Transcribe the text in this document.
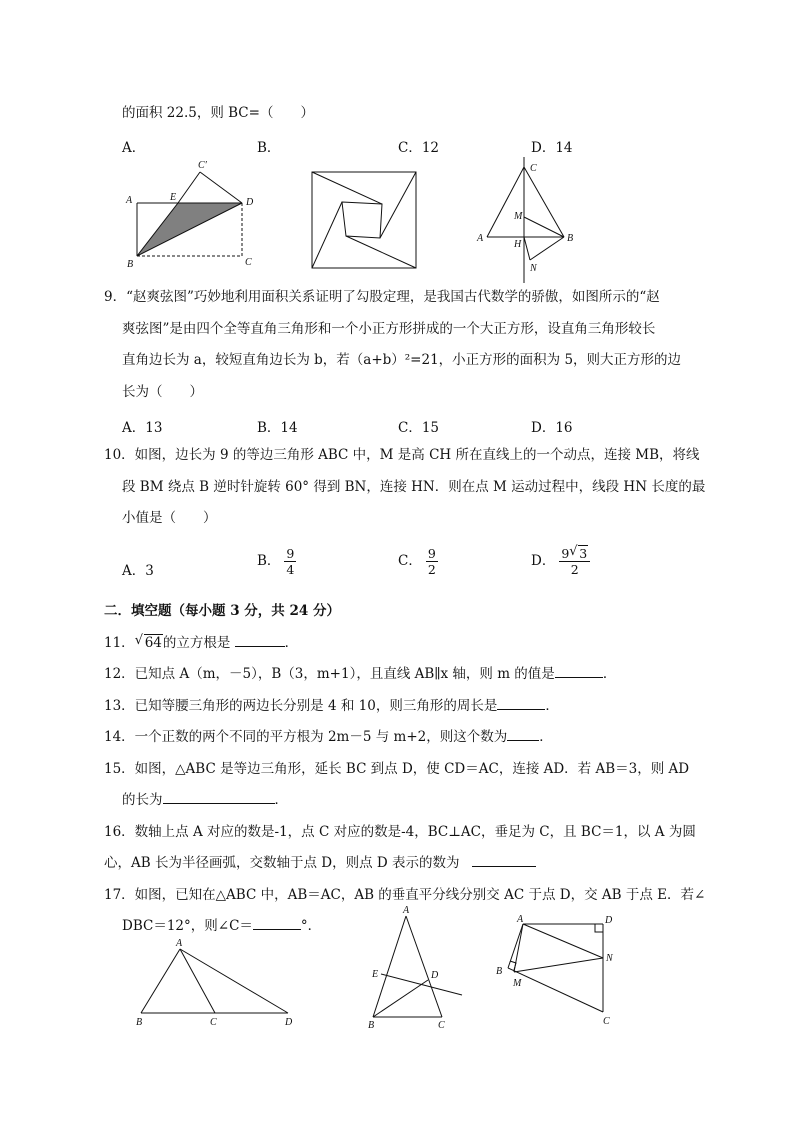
的面积 22.5，则 BC=（　　）
A．	B．	C．12	D．14
C′
A	E	D
B	C
C
M
A
H
B
N
9．“赵爽弦图”巧妙地利用面积关系证明了勾股定理，是我国古代数学的骄傲，如图所示的“赵
爽弦图”是由四个全等直角三角形和一个小正方形拼成的一个大正方形，设直角三角形较长
直角边长为 a，较短直角边长为 b，若（a+b）²=21，小正方形的面积为 5，则大正方形的边
长为（　　）
A．13	B．14	C．15	D．16
10．如图，边长为 9 的等边三角形 ABC 中，M 是高 CH 所在直线上的一个动点，连接 MB，将线
段 BM 绕点 B 逆时针旋转 60° 得到 BN，连接 HN．则在点 M 运动过程中，线段 HN 长度的最
小值是（　　）
A．3
B． $\frac{9}{4}$	C． $\frac{9}{2}$	D． $\frac{9 √ 3}{2}$
二．填空题（每小题 3 分，共 24 分）
11． √ 64的立方根是	．
12．已知点 A（m，－5），B（3，m+1），且直线 AB∥x 轴，则 m 的值是	．
13．已知等腰三角形的两边长分别是 4 和 10，则三角形的周长是	．
14．一个正数的两个不同的平方根为 2m－5 与 m+2，则这个数为 ．
15．如图，△ABC 是等边三角形，延长 BC 到点 D，使 CD＝AC，连接 AD．若 AB＝3，则 AD
的长为	．
16．数轴上点 A 对应的数是-1，点 C 对应的数是-4，BC⊥AC，垂足为 C，且 BC＝1，以 A 为圆
心，AB 长为半径画弧，交数轴于点 D，则点 D 表示的数为
17．如图，已知在△ABC 中，AB＝AC，AB 的垂直平分线分别交 AC 于点 D，交 AB 于点 E．若∠
DBC＝12°，则∠C＝	°．
A
B	C	D
A
E	D
B	C
A	D
N
B
M
C
